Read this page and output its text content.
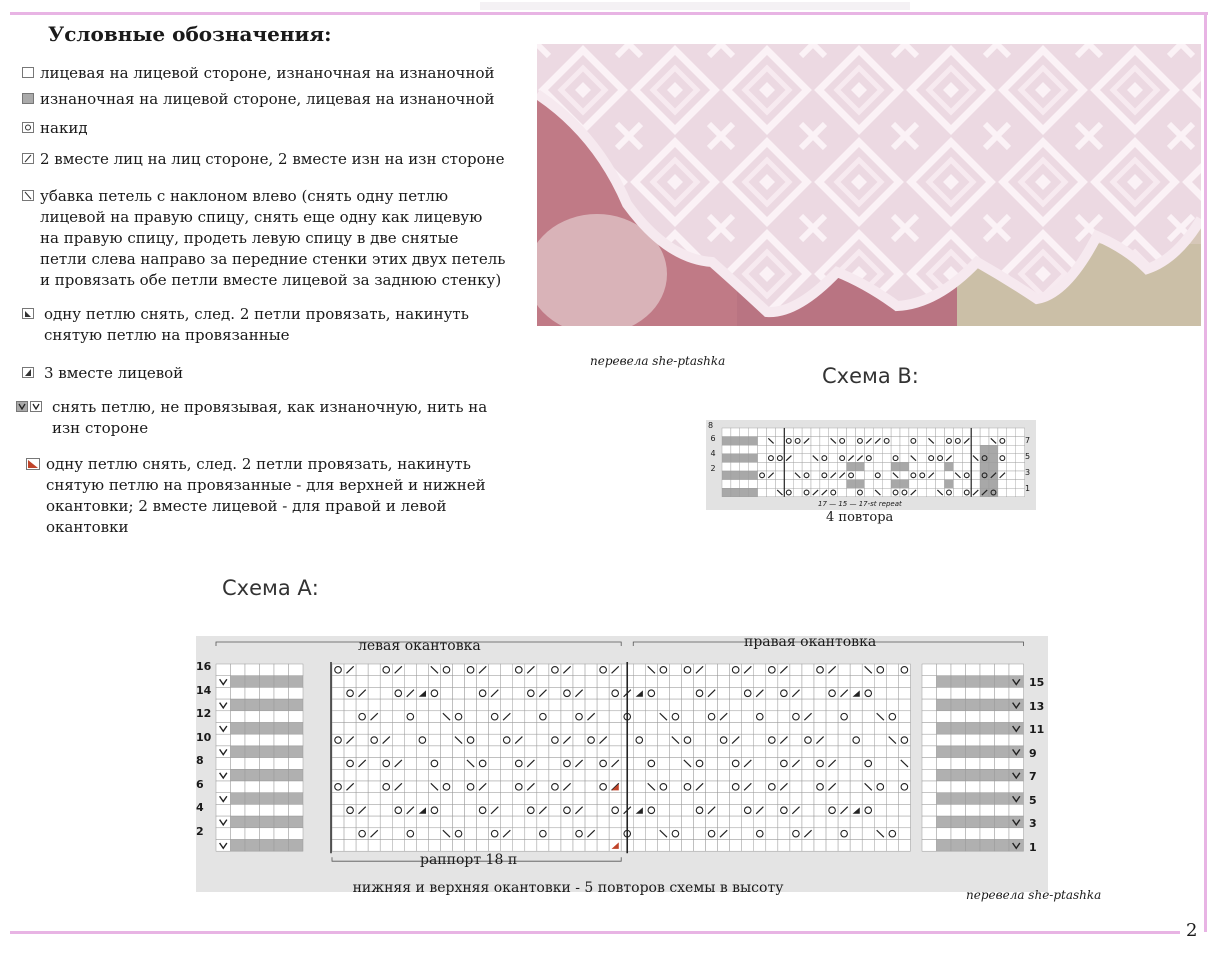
Условные обозначения:
лицевая на лицевой стороне, изнаночная на изнаночной
изнаночная на лицевой стороне, лицевая на изнаночной
накид
2 вместе лиц на лиц стороне, 2 вместе изн на изн стороне
убавка петель с наклоном влево (снять одну петлю
лицевой на правую спицу, снять еще одну как лицевую
на правую спицу, продеть левую спицу в две снятые
петли слева направо за передние стенки этих двух петель
и провязать обе петли вместе лицевой за заднюю стенку)
одну петлю снять, след. 2 петли провязать, накинуть
снятую петлю на провязанные
3 вместе лицевой
снять петлю, не провязывая, как изнаночную, нить на
изн стороне
одну петлю снять, след. 2 петли провязать, накинуть
снятую петлю на провязанные - для верхней и нижней
окантовки; 2 вместе лицевой - для правой и левой
окантовки
перевела she-ptashka
Схема В:
8
6
4
2
7
5
3
1
17 — 15 — 17-st repeat
4 повтора
Схема А:
левая окантовка	правая окантовка
16
14
12
10
8
6
4
2
15
13
11
9
7
5
3
1
раппорт 18 п
нижняя и верхняя окантовки - 5 повторов схемы в высоту	перевела she-ptashka
2
